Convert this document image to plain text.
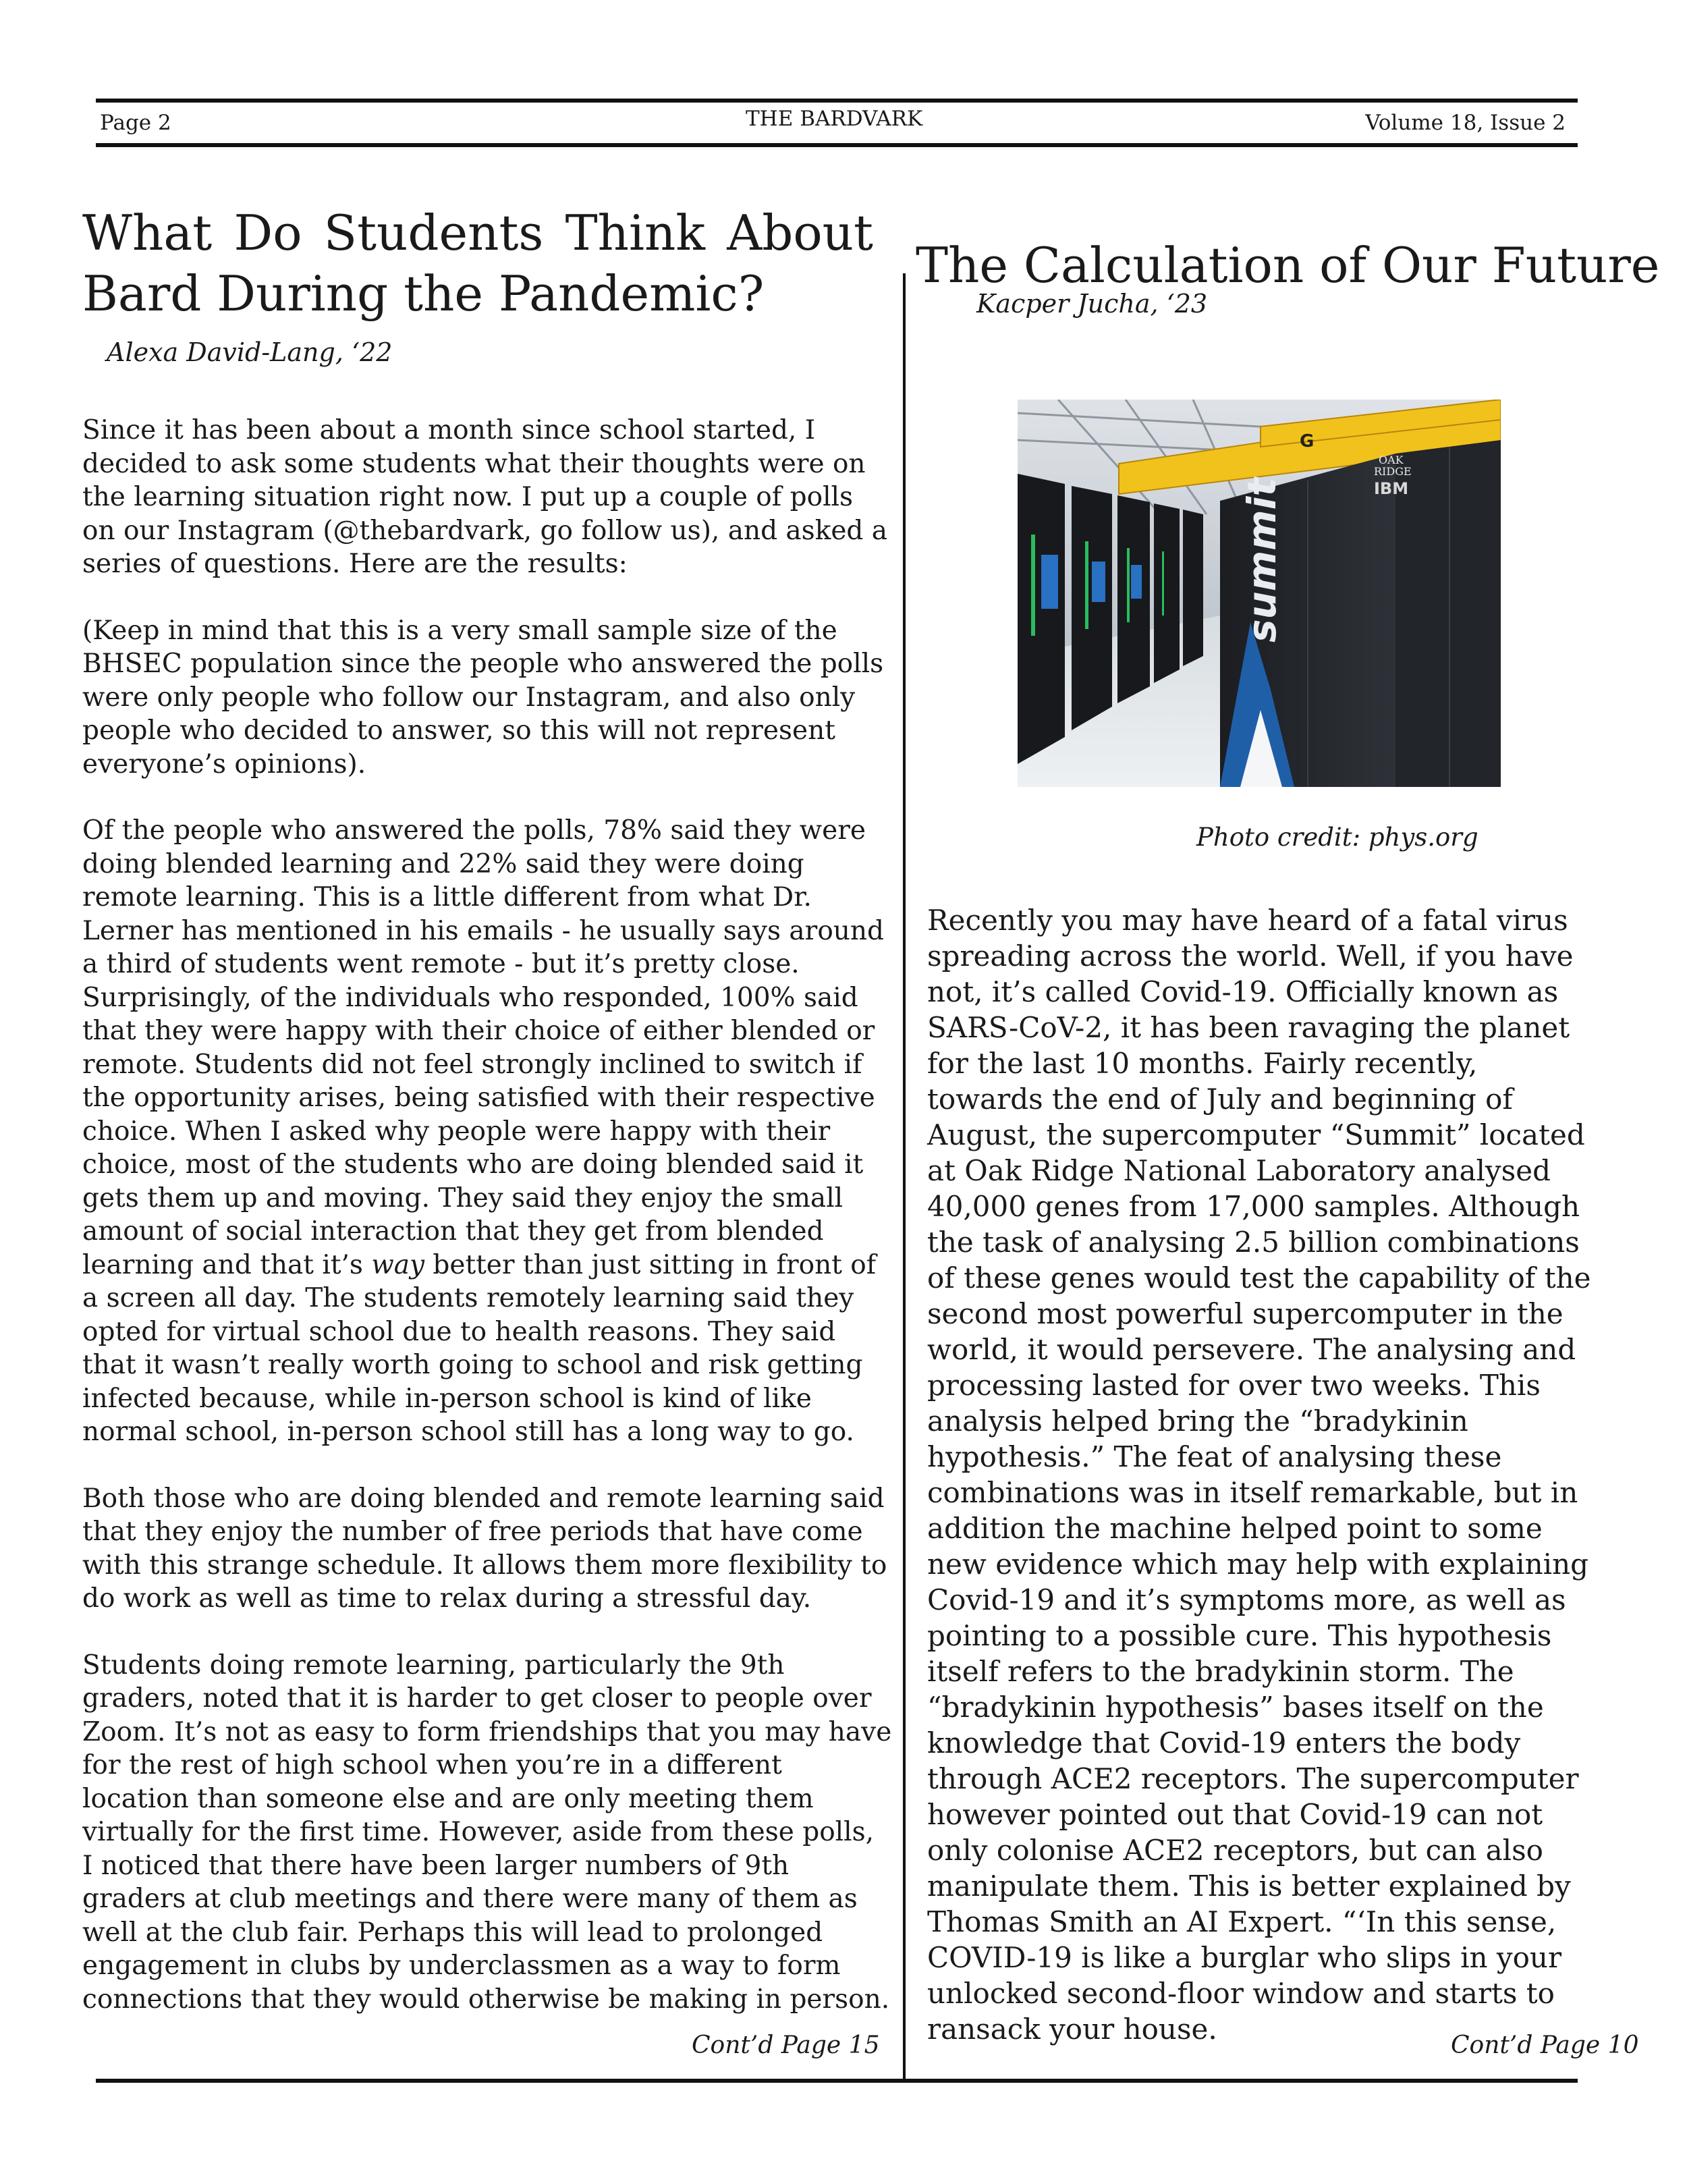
Page 2	THE BARDVARK	Volume 18, Issue 2
What Do Students Think About Bard During the Pandemic?
Alexa David-Lang, ‘22

Since it has been about a month since school started, I decided to ask some students what their thoughts were on the learning situation right now. I put up a couple of polls on our Instagram (@thebardvark, go follow us), and asked a series of questions. Here are the results:

(Keep in mind that this is a very small sample size of the BHSEC population since the people who answered the polls were only people who follow our Instagram, and also only people who decided to answer, so this will not represent everyone’s opinions).

Of the people who answered the polls, 78% said they were doing blended learning and 22% said they were doing remote learning. This is a little different from what Dr. Lerner has mentioned in his emails - he usually says around a third of students went remote - but it’s pretty close. Surprisingly, of the individuals who responded, 100% said that they were happy with their choice of either blended or remote. Students did not feel strongly inclined to switch if the opportunity arises, being satisfied with their respective choice. When I asked why people were happy with their choice, most of the students who are doing blended said it gets them up and moving. They said they enjoy the small amount of social interaction that they get from blended learning and that it’s way better than just sitting in front of a screen all day. The students remotely learning said they opted for virtual school due to health reasons. They said that it wasn’t really worth going to school and risk getting infected because, while in-person school is kind of like normal school, in-person school still has a long way to go.

Both those who are doing blended and remote learning said that they enjoy the number of free periods that have come with this strange schedule. It allows them more flexibility to do work as well as time to relax during a stressful day.

Students doing remote learning, particularly the 9th graders, noted that it is harder to get closer to people over Zoom. It’s not as easy to form friendships that you may have for the rest of high school when you’re in a different location than someone else and are only meeting them virtually for the first time. However, aside from these polls, I noticed that there have been larger numbers of 9th graders at club meetings and there were many of them as well at the club fair. Perhaps this will lead to prolonged engagement in clubs by underclassmen as a way to form connections that they would otherwise be making in person.

Cont’d Page 15
The Calculation of Our Future
Kacper Jucha, ‘23
G
summit
OAK
RIDGE
IBM
Photo credit: phys.org

Recently you may have heard of a fatal virus spreading across the world. Well, if you have not, it’s called Covid-19. Officially known as SARS-CoV-2, it has been ravaging the planet for the last 10 months. Fairly recently, towards the end of July and beginning of August, the supercomputer “Summit” located at Oak Ridge National Laboratory analysed 40,000 genes from 17,000 samples. Although the task of analysing 2.5 billion combinations of these genes would test the capability of the second most powerful supercomputer in the world, it would persevere. The analysing and processing lasted for over two weeks. This analysis helped bring the “bradykinin hypothesis.” The feat of analysing these combinations was in itself remarkable, but in addition the machine helped point to some new evidence which may help with explaining Covid-19 and it’s symptoms more, as well as pointing to a possible cure. This hypothesis itself refers to the bradykinin storm. The “bradykinin hypothesis” bases itself on the knowledge that Covid-19 enters the body through ACE2 receptors. The supercomputer however pointed out that Covid-19 can not only colonise ACE2 receptors, but can also manipulate them. This is better explained by Thomas Smith an AI Expert. “‘In this sense, COVID-19 is like a burglar who slips in your unlocked second-floor window and starts to ransack your house.	Cont’d Page 10
